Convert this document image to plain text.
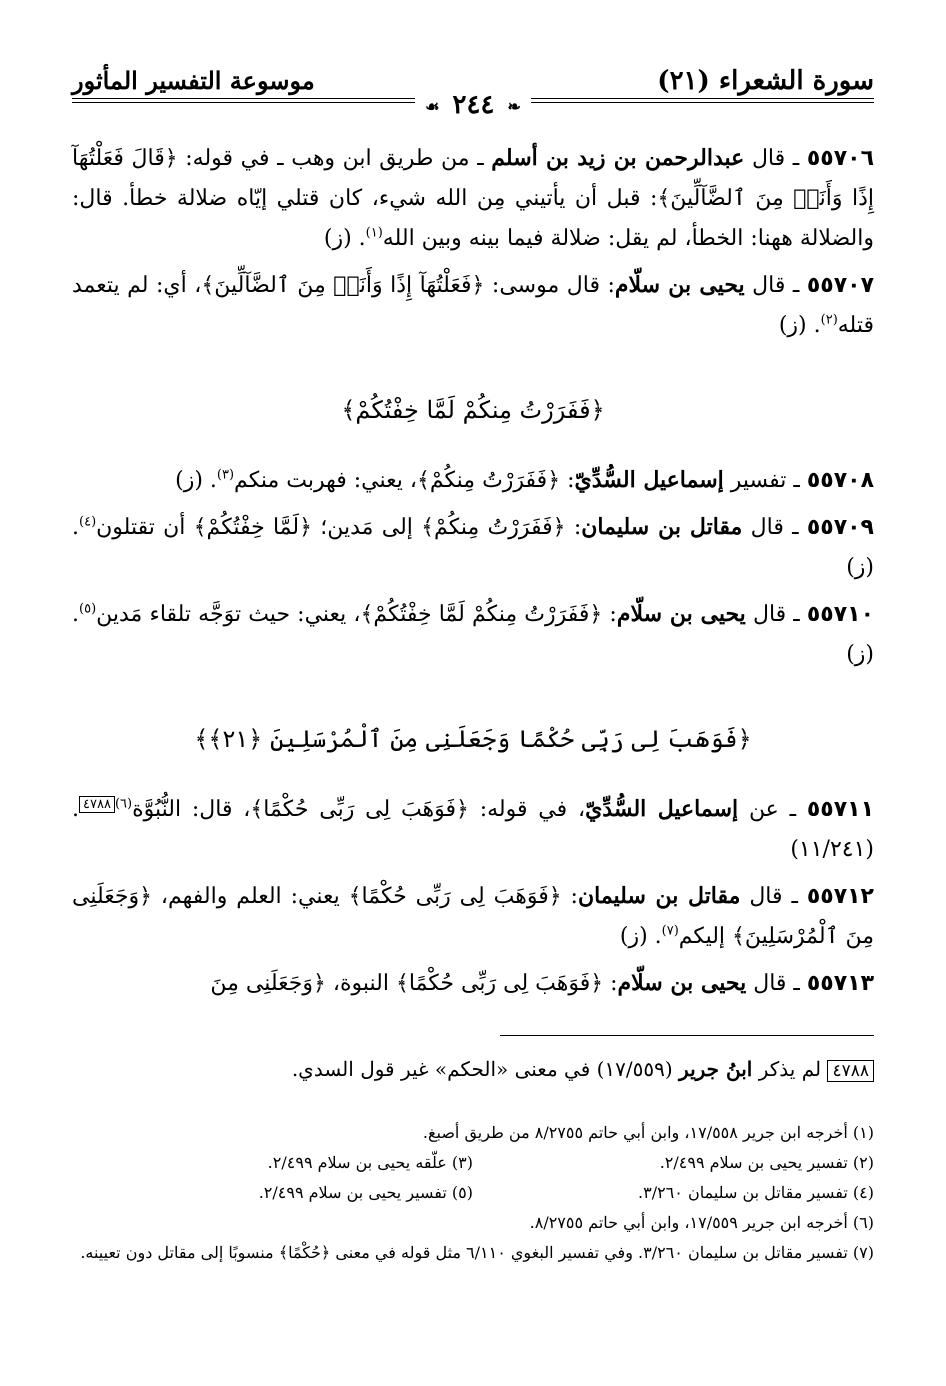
سورة الشعراء (٢١)
موسوعة التفسير المأثور
❧ ٢٤٤ ☙

٥٥٧٠٦ ـ قال عبدالرحمن بن زيد بن أسلم ـ من طريق ابن وهب ـ في قوله: ﴿قَالَ فَعَلْتُهَآ إِذًا وَأَنَا۠ مِنَ ٱلضَّآلِّينَ﴾: قبل أن يأتيني مِن الله شيء، كان قتلي إيّاه ضلالة خطأ. قال: والضلالة ههنا: الخطأ، لم يقل: ضلالة فيما بينه وبين الله$^{(١)}$. (ز)

٥٥٧٠٧ ـ قال يحيى بن سلّام: قال موسى: ﴿فَعَلْتُهَآ إِذًا وَأَنَا۠ مِنَ ٱلضَّآلِّينَ﴾، أي: لم يتعمد قتله$^{(٢)}$. (ز)

﴿فَفَرَرْتُ مِنكُمْ لَمَّا خِفْتُكُمْ﴾

٥٥٧٠٨ ـ تفسير إسماعيل السُّدِّيّ: ﴿فَفَرَرْتُ مِنكُمْ﴾، يعني: فهربت منكم$^{(٣)}$. (ز)

٥٥٧٠٩ ـ قال مقاتل بن سليمان: ﴿فَفَرَرْتُ مِنكُمْ﴾ إلى مَدين؛ ﴿لَمَّا خِفْتُكُمْ﴾ أن تقتلون$^{(٤)}$. (ز)

٥٥٧١٠ ـ قال يحيى بن سلّام: ﴿فَفَرَرْتُ مِنكُمْ لَمَّا خِفْتُكُمْ﴾، يعني: حيث توَجَّه تلقاء مَدين$^{(٥)}$. (ز)

﴿فَوَهَبَ لِى رَبِّى حُكْمًا وَجَعَلَنِى مِنَ ٱلْمُرْسَلِينَ ﴿٢١﴾﴾

٥٥٧١١ ـ عن إسماعيل السُّدِّيّ، في قوله: ﴿فَوَهَبَ لِى رَبِّى حُكْمًا﴾، قال: النُّبُوَّة$^{(٦)}$٤٧٨٨. (١١/٢٤١)

٥٥٧١٢ ـ قال مقاتل بن سليمان: ﴿فَوَهَبَ لِى رَبِّى حُكْمًا﴾ يعني: العلم والفهم، ﴿وَجَعَلَنِى مِنَ ٱلْمُرْسَلِينَ﴾ إليكم$^{(٧)}$. (ز)

٥٥٧١٣ ـ قال يحيى بن سلّام: ﴿فَوَهَبَ لِى رَبِّى حُكْمًا﴾ النبوة، ﴿وَجَعَلَنِى مِنَ

٤٧٨٨ لم يذكر ابنُ جرير (١٧/٥٥٩) في معنى «الحكم» غير قول السدي.
(١) أخرجه ابن جرير ١٧/٥٥٨، وابن أبي حاتم ٨/٢٧٥٥ من طريق أصبغ.
(٢) تفسير يحيى بن سلام ٢/٤٩٩.
(٣) علّقه يحيى بن سلام ٢/٤٩٩.
(٤) تفسير مقاتل بن سليمان ٣/٢٦٠.
(٥) تفسير يحيى بن سلام ٢/٤٩٩.
(٦) أخرجه ابن جرير ١٧/٥٥٩، وابن أبي حاتم ٨/٢٧٥٥.
(٧) تفسير مقاتل بن سليمان ٣/٢٦٠. وفي تفسير البغوي ٦/١١٠ مثل قوله في معنى ﴿حُكْمًا﴾ منسوبًا إلى مقاتل دون تعيينه.
